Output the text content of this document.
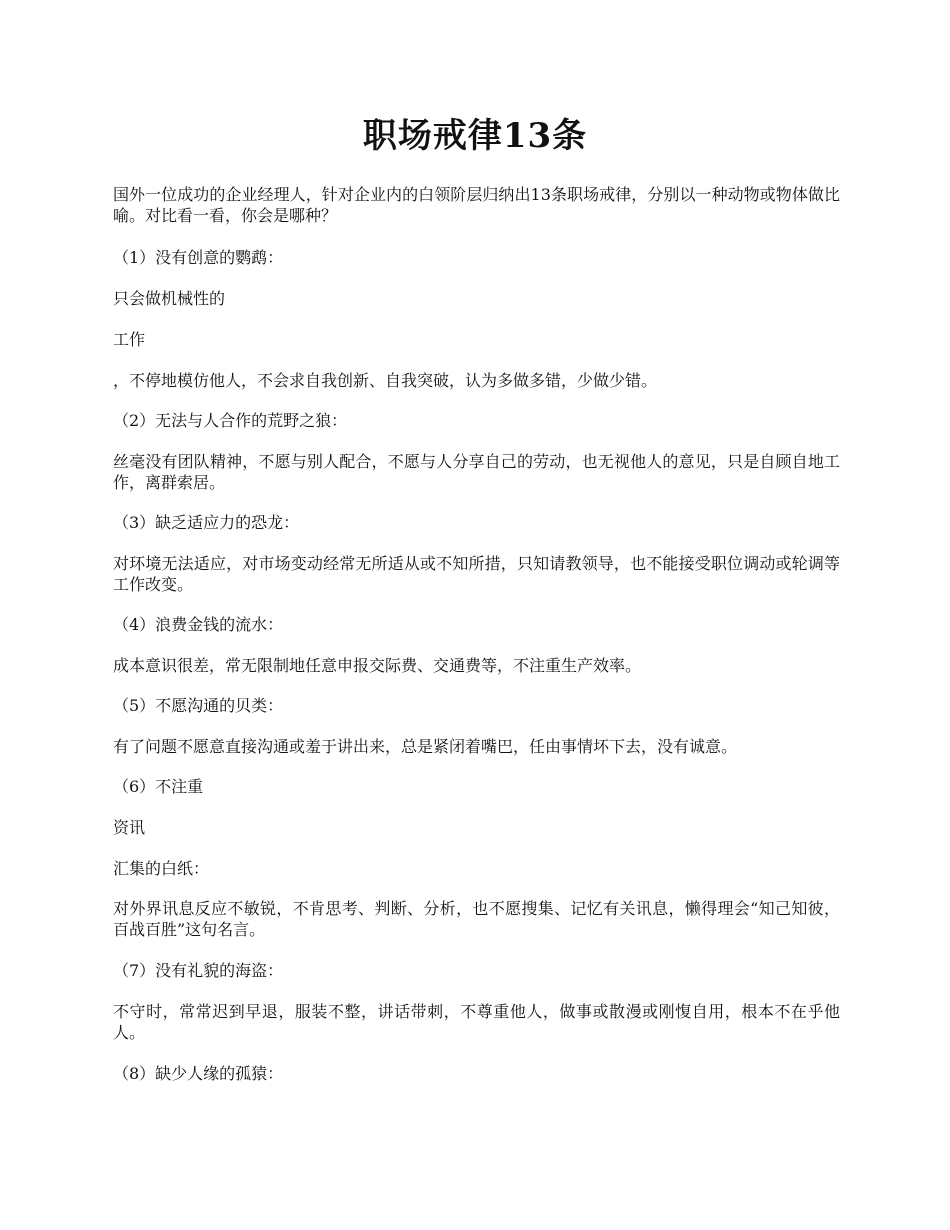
职场戒律13条

国外一位成功的企业经理人，针对企业内的白领阶层归纳出13条职场戒律，分别以一种动物或物体做比喻。对比看一看，你会是哪种？

（1）没有创意的鹦鹉：

只会做机械性的

工作

，不停地模仿他人，不会求自我创新、自我突破，认为多做多错，少做少错。

（2）无法与人合作的荒野之狼：

丝毫没有团队精神，不愿与别人配合，不愿与人分享自己的劳动，也无视他人的意见，只是自顾自地工作，离群索居。

（3）缺乏适应力的恐龙：

对环境无法适应，对市场变动经常无所适从或不知所措，只知请教领导，也不能接受职位调动或轮调等工作改变。

（4）浪费金钱的流水：

成本意识很差，常无限制地任意申报交际费、交通费等，不注重生产效率。

（5）不愿沟通的贝类：

有了问题不愿意直接沟通或羞于讲出来，总是紧闭着嘴巴，任由事情坏下去，没有诚意。

（6）不注重

资讯

汇集的白纸：

对外界讯息反应不敏锐，不肯思考、判断、分析，也不愿搜集、记忆有关讯息，懒得理会“知己知彼，百战百胜”这句名言。

（7）没有礼貌的海盗：

不守时，常常迟到早退，服装不整，讲话带刺，不尊重他人，做事或散漫或刚愎自用，根本不在乎他人。

（8）缺少人缘的孤猿：
